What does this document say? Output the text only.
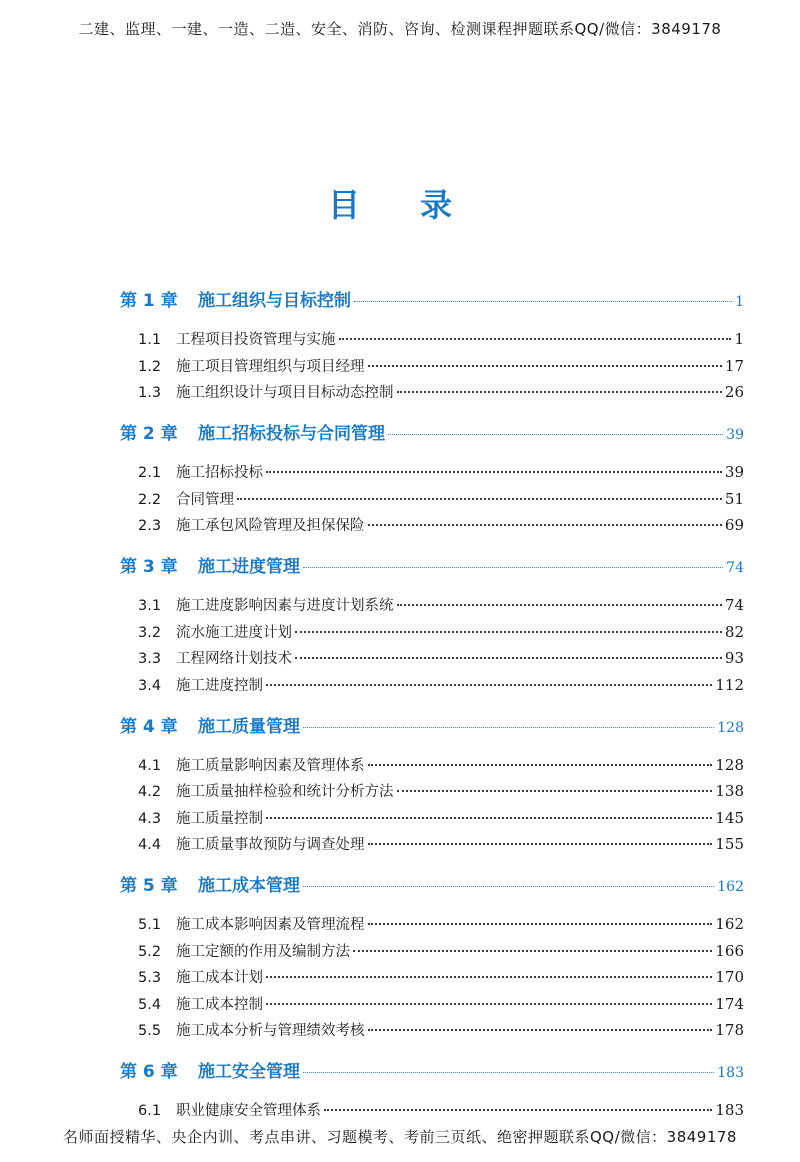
二建、监理、一建、一造、二造、安全、消防、咨询、检测课程押题联系QQ/微信：3849178
目录
第 1 章	施工组织与目标控制	1
1.1	工程项目投资管理与实施	1
1.2	施工项目管理组织与项目经理	17
1.3	施工组织设计与项目目标动态控制	26
第 2 章	施工招标投标与合同管理	39
2.1	施工招标投标	39
2.2	合同管理	51
2.3	施工承包风险管理及担保保险	69
第 3 章	施工进度管理	74
3.1	施工进度影响因素与进度计划系统	74
3.2	流水施工进度计划	82
3.3	工程网络计划技术	93
3.4	施工进度控制	112
第 4 章	施工质量管理	128
4.1	施工质量影响因素及管理体系	128
4.2	施工质量抽样检验和统计分析方法	138
4.3	施工质量控制	145
4.4	施工质量事故预防与调查处理	155
第 5 章	施工成本管理	162
5.1	施工成本影响因素及管理流程	162
5.2	施工定额的作用及编制方法	166
5.3	施工成本计划	170
5.4	施工成本控制	174
5.5	施工成本分析与管理绩效考核	178
第 6 章	施工安全管理	183
6.1	职业健康安全管理体系	183
名师面授精华、央企内训、考点串讲、习题模考、考前三页纸、绝密押题联系QQ/微信：3849178
